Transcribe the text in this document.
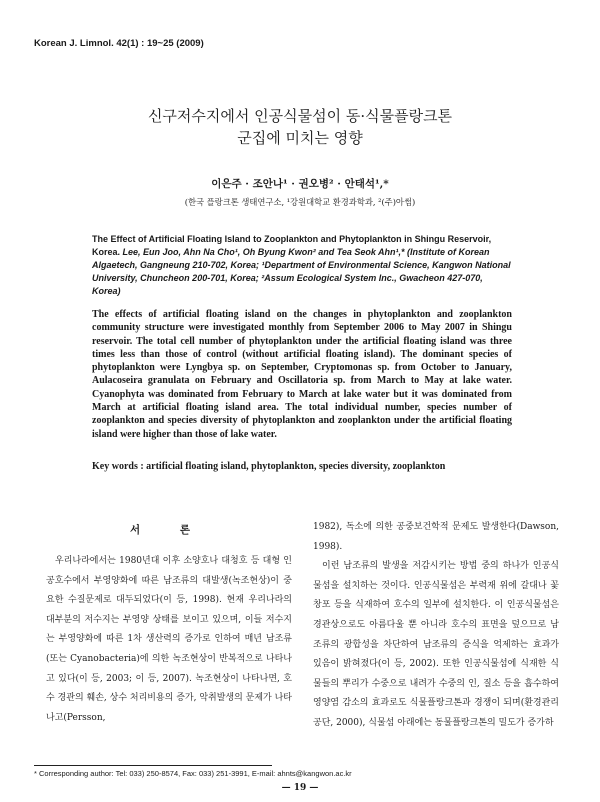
Korean J. Limnol. 42(1) : 19~25 (2009)
신구저수지에서 인공식물섬이 동·식물플랑크톤
군집에 미치는 영향
이은주 · 조안나¹ · 권오병² · 안태석¹,*
(한국 플랑크톤 생태연구소, ¹강원대학교 환경과학과, ²(주)아썸)
The Effect of Artificial Floating Island to Zooplankton and Phytoplankton in Shingu Reservoir, Korea. Lee, Eun Joo, Ahn Na Cho¹, Oh Byung Kwon² and Tea Seok Ahn¹,* (Institute of Korean Algaetech, Gangneung 210-702, Korea; ¹Department of Environmental Science, Kangwon National University, Chuncheon 200-701, Korea; ²Assum Ecological System Inc., Gwacheon 427-070, Korea)
The effects of artificial floating island on the changes in phytoplankton and zooplankton community structure were investigated monthly from September 2006 to May 2007 in Shingu reservoir. The total cell number of phytoplankton under the artificial floating island was three times less than those of control (without artificial floating island). The dominant species of phytoplankton were Lyngbya sp. on September, Cryptomonas sp. from October to January, Aulacoseira granulata on February and Oscillatoria sp. from March to May at lake water. Cyanophyta was dominated from February to March at lake water but it was dominated from March at artificial floating island area. The total individual number, species number of zooplankton and species diversity of phytoplankton and zooplankton under the artificial floating island were higher than those of lake water.
Key words : artificial floating island, phytoplankton, species diversity, zooplankton
서 론

우리나라에서는 1980년대 이후 소양호나 대청호 등 대형 인공호수에서 부영양화에 따른 남조류의 대발생(녹조현상)이 중요한 수질문제로 대두되었다(이 등, 1998). 현재 우리나라의 대부분의 저수지는 부영양 상태를 보이고 있으며, 이들 저수지는 부영양화에 따른 1차 생산력의 증가로 인하여 매년 남조류(또는 Cyanobacteria)에 의한 녹조현상이 반복적으로 나타나고 있다(이 등, 2003; 이 등, 2007). 녹조현상이 나타나면, 호수 경관의 훼손, 상수 처리비용의 증가, 악취발생의 문제가 나타나고(Persson,

1982), 독소에 의한 공중보건학적 문제도 발생한다(Dawson, 1998).

이런 남조류의 발생을 저감시키는 방법 중의 하나가 인공식물섬을 설치하는 것이다. 인공식물섬은 부력재 위에 갈대나 꽃창포 등을 식재하여 호수의 일부에 설치한다. 이 인공식물섬은 경관상으로도 아름다울 뿐 아니라 호수의 표면을 덮으므로 남조류의 광합성을 차단하여 남조류의 증식을 억제하는 효과가 있음이 밝혀졌다(이 등, 2002). 또한 인공식물섬에 식재한 식물들의 뿌리가 수중으로 내려가 수중의 인, 질소 등을 흡수하여 영양염 감소의 효과로도 식물플랑크톤과 경쟁이 되며(환경관리공단, 2000), 식물섬 아래에는 동물플랑크톤의 밀도가 증가하

* Corresponding author: Tel: 033) 250-8574, Fax: 033) 251-3991, E-mail: ahnts@kangwon.ac.kr
— 19 —
